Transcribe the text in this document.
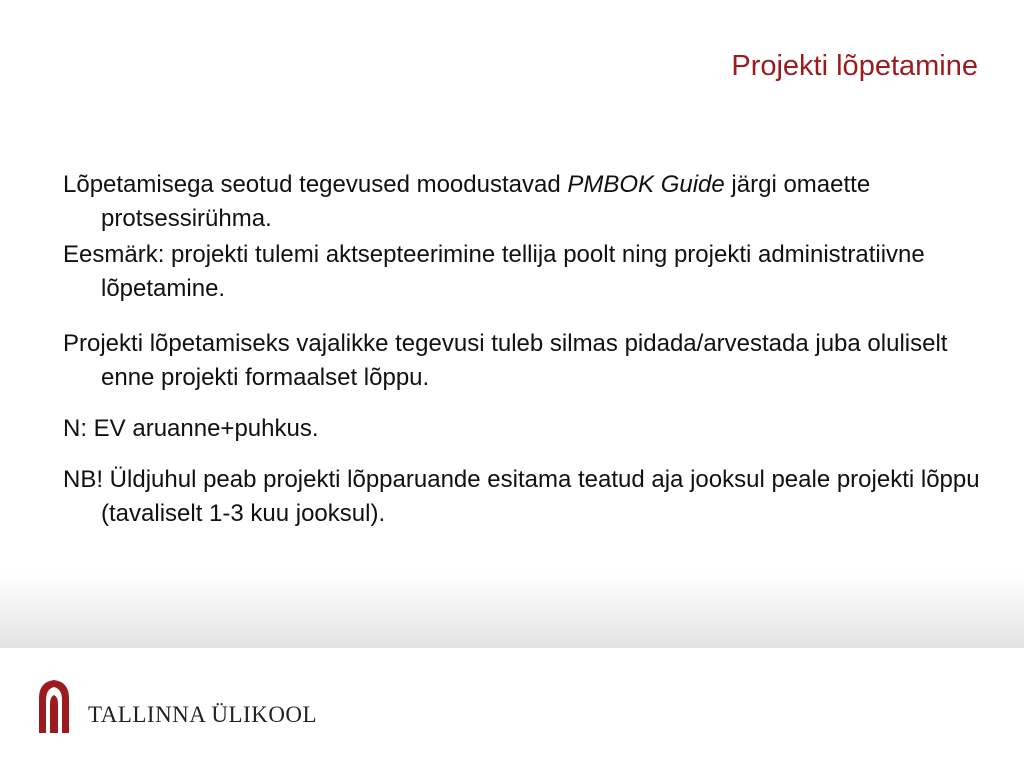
Projekti lõpetamine

Lõpetamisega seotud tegevused moodustavad PMBOK Guide järgi omaette protsessirühma.

Eesmärk: projekti tulemi aktsepteerimine tellija poolt ning projekti administratiivne lõpetamine.

Projekti lõpetamiseks vajalikke tegevusi tuleb silmas pidada/arvestada juba oluliselt enne projekti formaalset lõppu.

N: EV aruanne+puhkus.

NB! Üldjuhul peab projekti lõpparuande esitama teatud aja jooksul peale projekti lõppu (tavaliselt 1-3 kuu jooksul).

TALLINNA ÜLIKOOL
